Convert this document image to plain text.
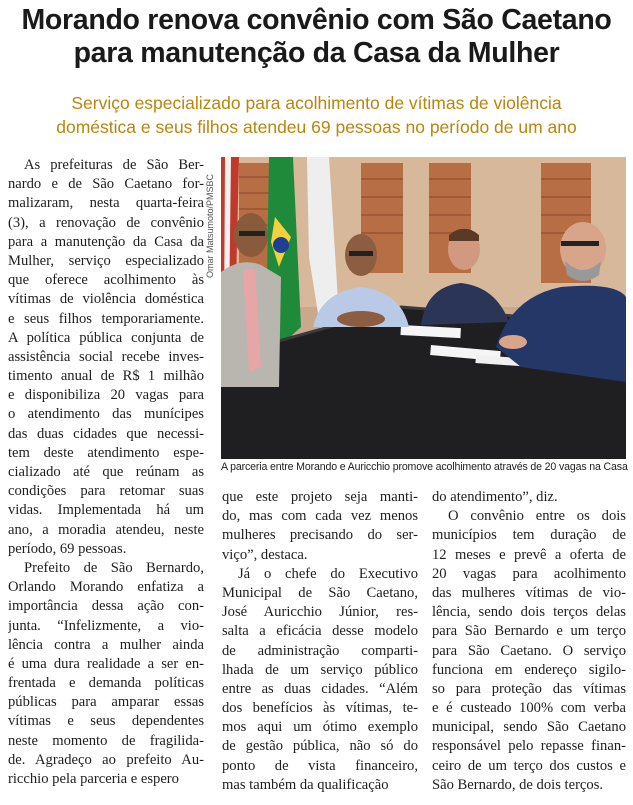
Morando renova convênio com São Caetano
para manutenção da Casa da Mulher
Serviço especializado para acolhimento de vítimas de violência
doméstica e seus filhos atendeu 69 pessoas no período de um ano
As prefeituras de São Ber-
nardo e de São Caetano for-
malizaram, nesta quarta-feira
(3), a renovação de convênio
para a manutenção da Casa da
Mulher, serviço especializado
que oferece acolhimento às
vítimas de violência doméstica
e seus filhos temporariamente.
A política pública conjunta de
assistência social recebe inves-
timento anual de R$ 1 milhão
e disponibiliza 20 vagas para
o atendimento das munícipes
das duas cidades que necessi-
tem deste atendimento espe-
cializado até que reúnam as
condições para retomar suas
vidas. Implementada há um
ano, a moradia atendeu, neste
período, 69 pessoas.
Prefeito de São Bernardo,
Orlando Morando enfatiza a
importância dessa ação con-
junta. “Infelizmente, a vio-
lência contra a mulher ainda
é uma dura realidade a ser en-
frentada e demanda políticas
públicas para amparar essas
vítimas e seus dependentes
neste momento de fragilida-
de. Agradeço ao prefeito Au-
ricchio pela parceria e espero
Omar Matsumoto/PMSBC
A parceria entre Morando e Auricchio promove acolhimento através de 20 vagas na Casa
que este projeto seja manti-
do, mas com cada vez menos
mulheres precisando do ser-
viço”, destaca.
Já o chefe do Executivo
Municipal de São Caetano,
José Auricchio Júnior, res-
salta a eficácia desse modelo
de administração comparti-
lhada de um serviço público
entre as duas cidades. “Além
dos benefícios às vítimas, te-
mos aqui um ótimo exemplo
de gestão pública, não só do
ponto de vista financeiro,
mas também da qualificação
do atendimento”, diz.
O convênio entre os dois
municípios tem duração de
12 meses e prevê a oferta de
20 vagas para acolhimento
das mulheres vítimas de vio-
lência, sendo dois terços delas
para São Bernardo e um terço
para São Caetano. O serviço
funciona em endereço sigilo-
so para proteção das vítimas
e é custeado 100% com verba
municipal, sendo São Caetano
responsável pelo repasse finan-
ceiro de um terço dos custos e
São Bernardo, de dois terços.
